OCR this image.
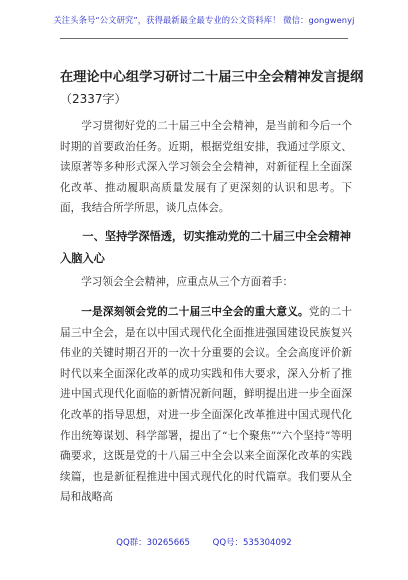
关注头条号“公文研究”，获得最新最全最专业的公文资料库！ 微信：gongwenyj
在理论中心组学习研讨二十届三中全会精神发言提纲
（2337字）

学习贯彻好党的二十届三中全会精神，是当前和今后一个时期的首要政治任务。近期，根据党组安排，我通过学原文、读原著等多种形式深入学习领会全会精神，对新征程上全面深化改革、推动履职高质量发展有了更深刻的认识和思考。下面，我结合所学所思，谈几点体会。

一、坚持学深悟透，切实推动党的二十届三中全会精神入脑入心

学习领会全会精神，应重点从三个方面着手：

一是深刻领会党的二十届三中全会的重大意义。党的二十届三中全会，是在以中国式现代化全面推进强国建设民族复兴伟业的关键时期召开的一次十分重要的会议。全会高度评价新时代以来全面深化改革的成功实践和伟大要求，深入分析了推进中国式现代化面临的新情况新问题，鲜明提出进一步全面深化改革的指导思想，对进一步全面深化改革推进中国式现代化作出统筹谋划、科学部署，提出了“七个聚焦”“六个坚持”等明确要求，这既是党的十八届三中全会以来全面深化改革的实践续篇，也是新征程推进中国式现代化的时代篇章。我们要从全局和战略高

QQ群：30265665	QQ号：535304092
